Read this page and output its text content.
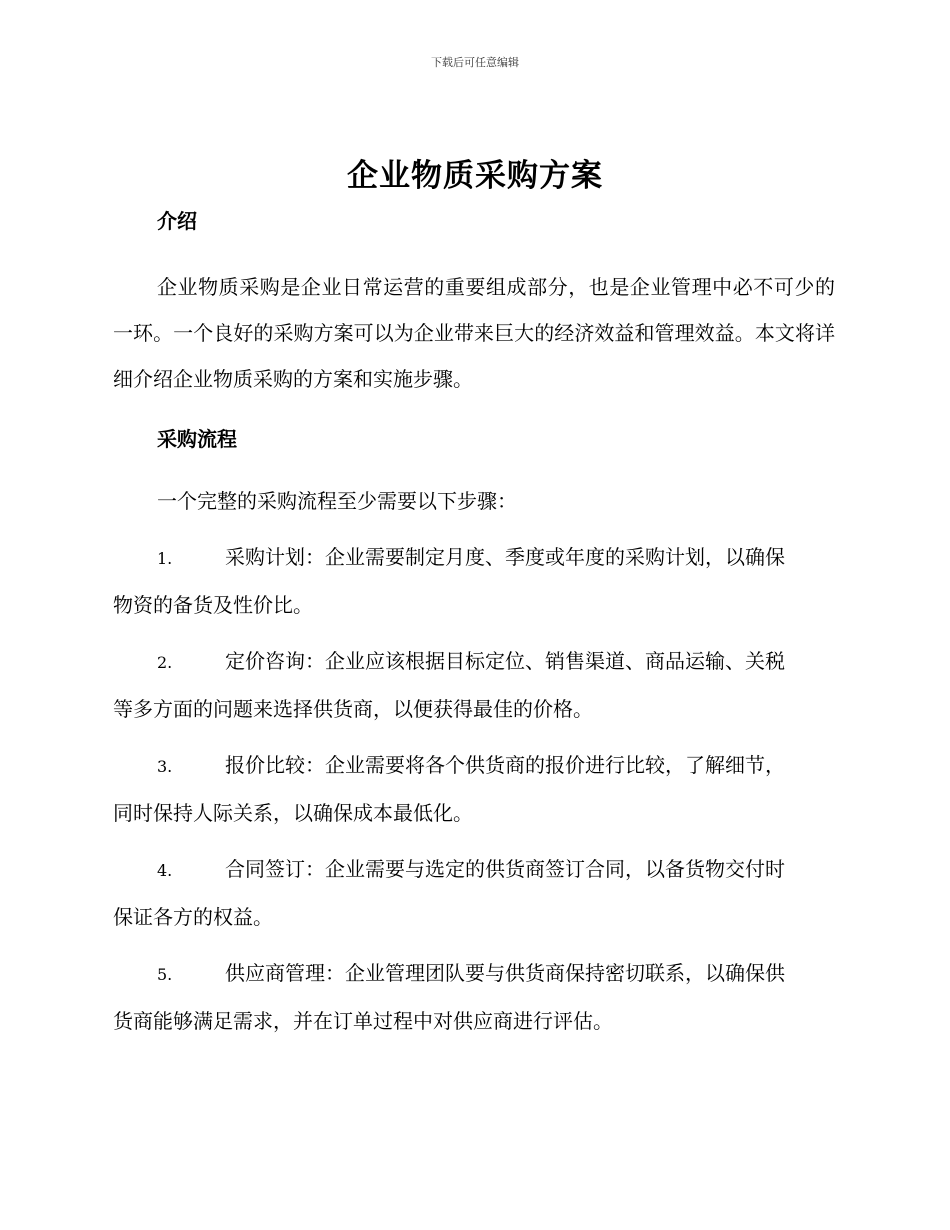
下载后可任意编辑
企业物质采购方案
介绍

企业物质采购是企业日常运营的重要组成部分，也是企业管理中必不可少的一环。一个良好的采购方案可以为企业带来巨大的经济效益和管理效益。本文将详细介绍企业物质采购的方案和实施步骤。

采购流程

一个完整的采购流程至少需要以下步骤：

1.	采购计划：企业需要制定月度、季度或年度的采购计划，以确保
物资的备货及性价比。
2.	定价咨询：企业应该根据目标定位、销售渠道、商品运输、关税
等多方面的问题来选择供货商，以便获得最佳的价格。
3.	报价比较：企业需要将各个供货商的报价进行比较，了解细节，
同时保持人际关系，以确保成本最低化。
4.	合同签订：企业需要与选定的供货商签订合同，以备货物交付时
保证各方的权益。
5.	供应商管理：企业管理团队要与供货商保持密切联系，以确保供
货商能够满足需求，并在订单过程中对供应商进行评估。
